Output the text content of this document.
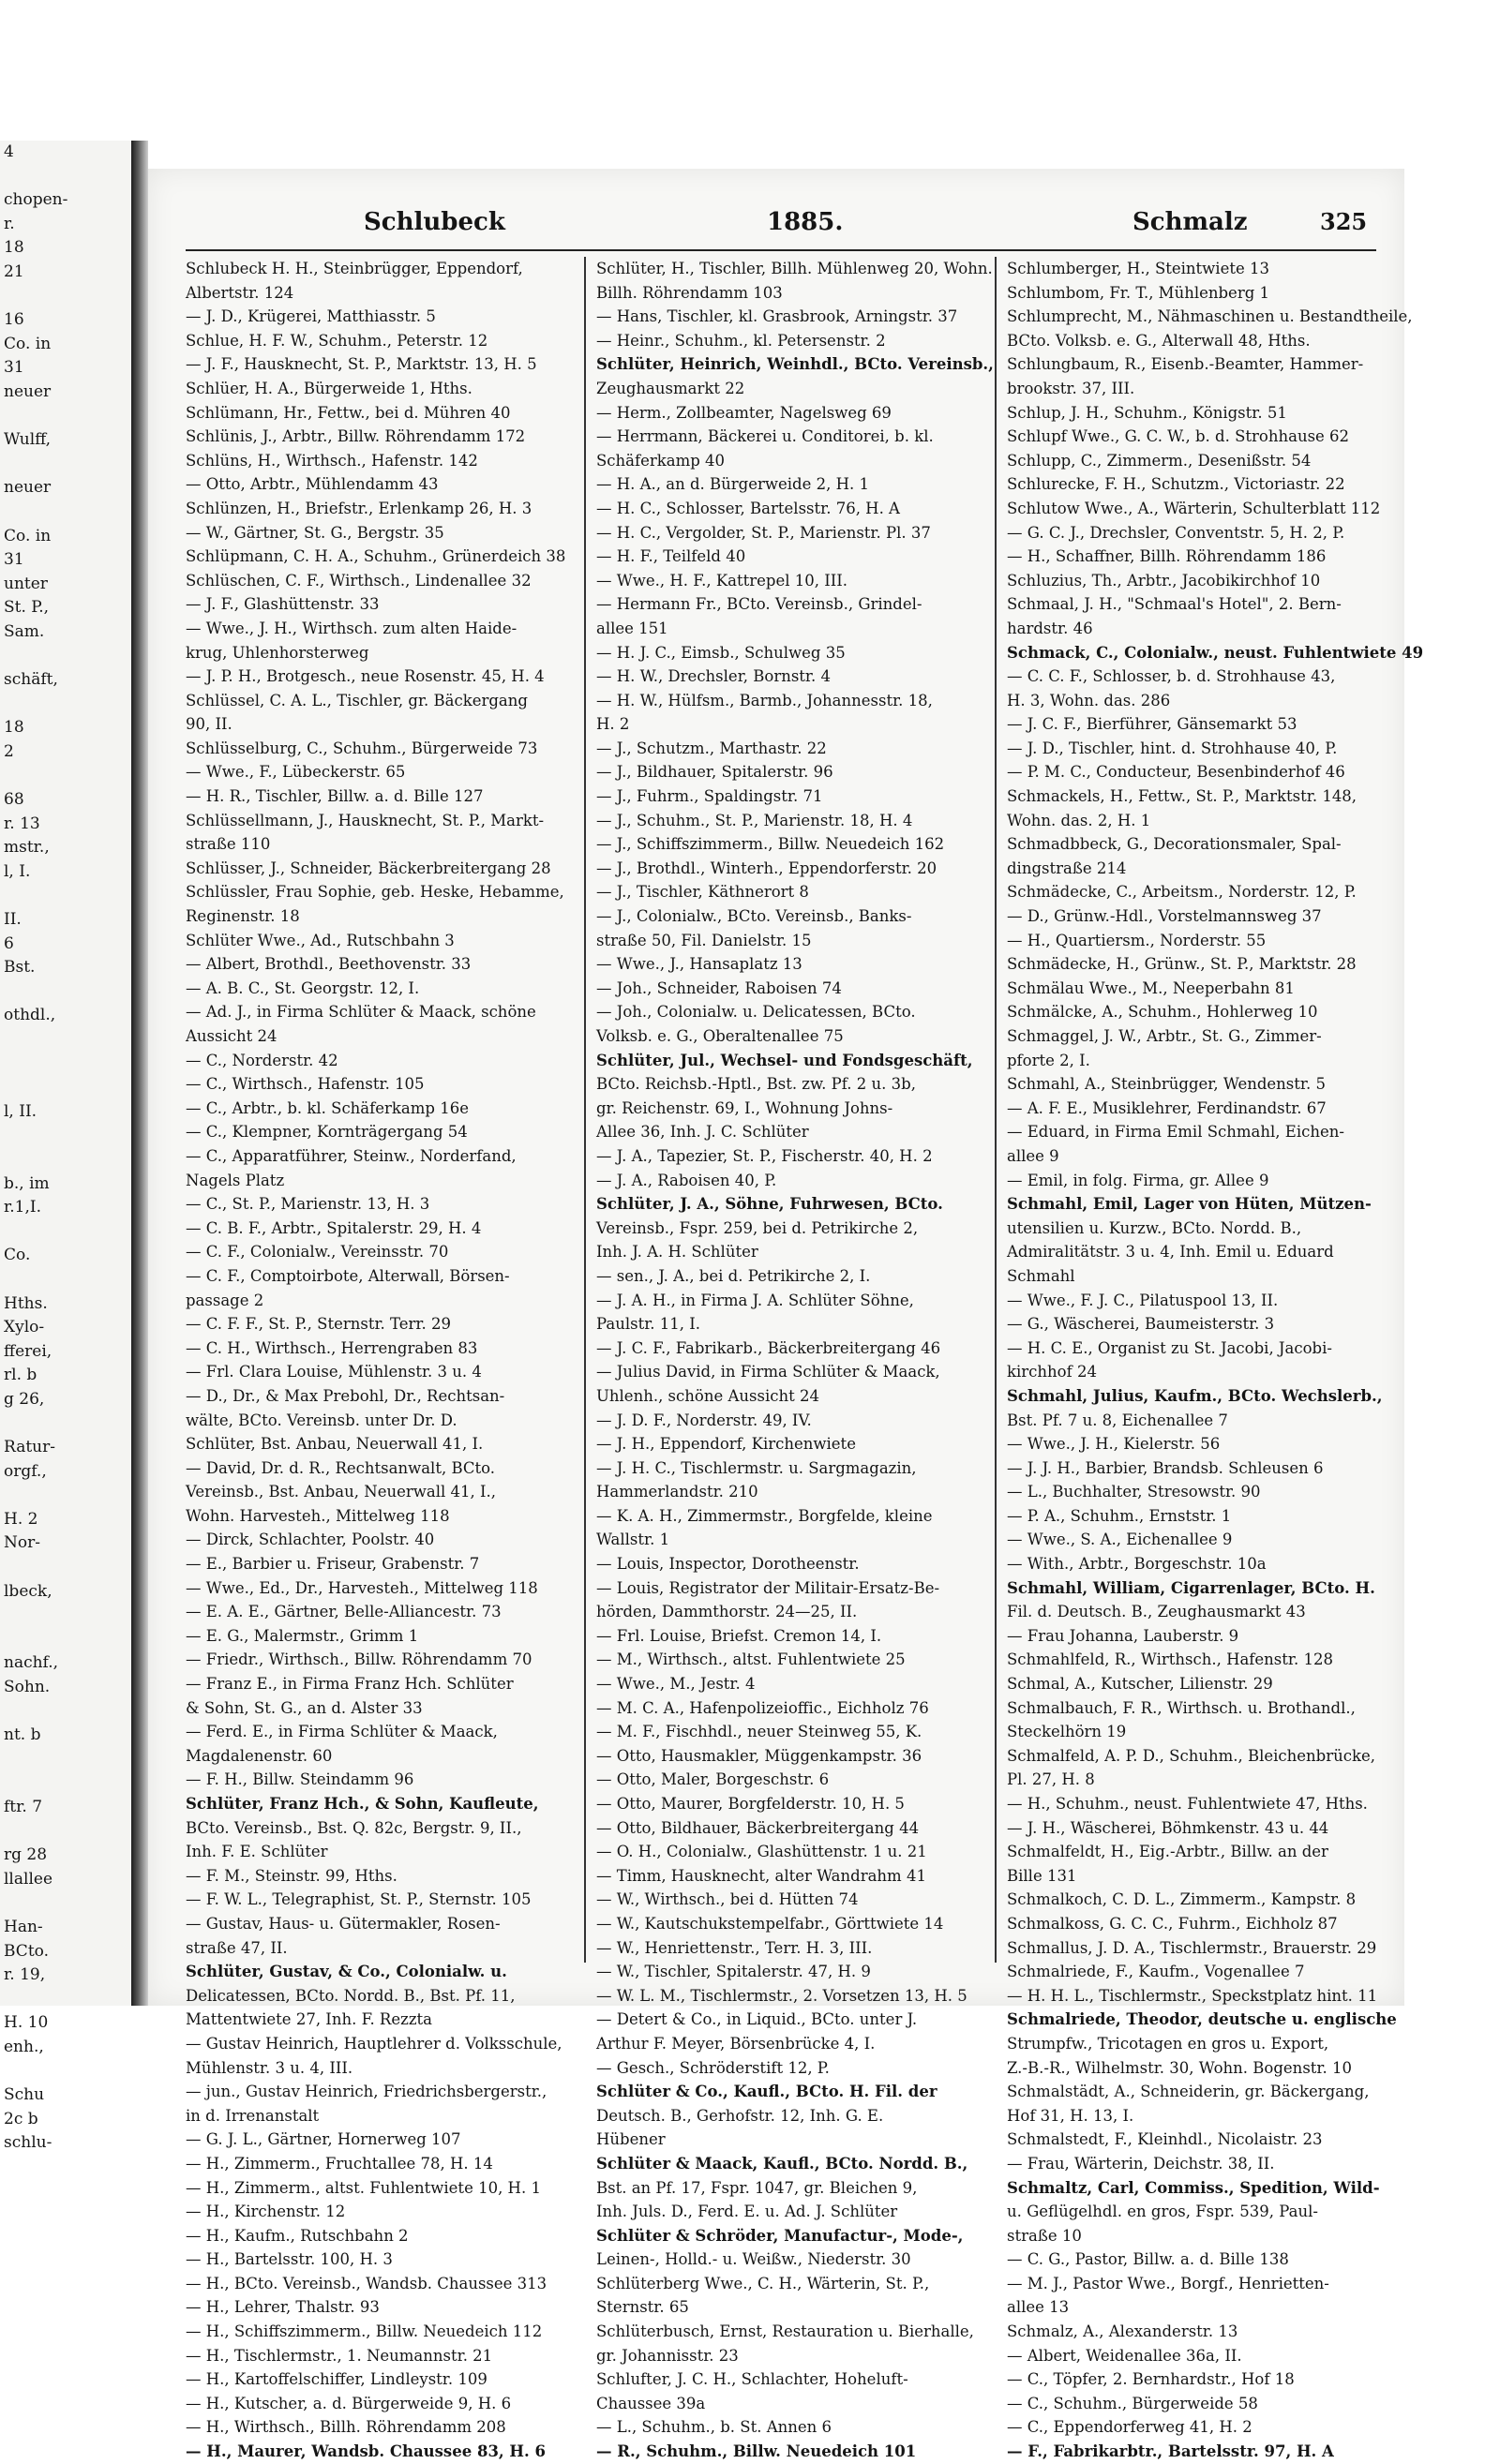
4

chopen-
r.
18
21

16
Co. in
31
neuer

Wulff,

neuer

Co. in
31
unter
St. P.,
Sam.

schäft,

18
2

68
r. 13
mstr.,
l, I.

II.
6
Bst.

othdl.,

l, II.

b., im
r.1,I.

Co.

Hths.
Xylo-
fferei,
rl. b
g 26,

Ratur-
orgf.,

H. 2
Nor-

lbeck,

nachf.,
Sohn.

nt. b

ftr. 7

rg 28
llallee

Han-
BCto.
r. 19,

H. 10
enh.,

Schu
2c b
schlu-
Schlubeck	1885.	Schmalz	325
Schlubeck H. H., Steinbrügger, Eppendorf,
Albertstr. 124
— J. D., Krügerei, Matthiasstr. 5
Schlue, H. F. W., Schuhm., Peterstr. 12
— J. F., Hausknecht, St. P., Marktstr. 13, H. 5
Schlüer, H. A., Bürgerweide 1, Hths.
Schlümann, Hr., Fettw., bei d. Mühren 40
Schlünis, J., Arbtr., Billw. Röhrendamm 172
Schlüns, H., Wirthsch., Hafenstr. 142
— Otto, Arbtr., Mühlendamm 43
Schlünzen, H., Briefstr., Erlenkamp 26, H. 3
— W., Gärtner, St. G., Bergstr. 35
Schlüpmann, C. H. A., Schuhm., Grünerdeich 38
Schlüschen, C. F., Wirthsch., Lindenallee 32
— J. F., Glashüttenstr. 33
— Wwe., J. H., Wirthsch. zum alten Haide-
krug, Uhlenhorsterweg
— J. P. H., Brotgesch., neue Rosenstr. 45, H. 4
Schlüssel, C. A. L., Tischler, gr. Bäckergang
90, II.
Schlüsselburg, C., Schuhm., Bürgerweide 73
— Wwe., F., Lübeckerstr. 65
— H. R., Tischler, Billw. a. d. Bille 127
Schlüssellmann, J., Hausknecht, St. P., Markt-
straße 110
Schlüsser, J., Schneider, Bäckerbreitergang 28
Schlüssler, Frau Sophie, geb. Heske, Hebamme,
Reginenstr. 18
Schlüter Wwe., Ad., Rutschbahn 3
— Albert, Brothdl., Beethovenstr. 33
— A. B. C., St. Georgstr. 12, I.
— Ad. J., in Firma Schlüter & Maack, schöne
Aussicht 24
— C., Norderstr. 42
— C., Wirthsch., Hafenstr. 105
— C., Arbtr., b. kl. Schäferkamp 16e
— C., Klempner, Kornträgergang 54
— C., Apparatführer, Steinw., Norderfand,
Nagels Platz
— C., St. P., Marienstr. 13, H. 3
— C. B. F., Arbtr., Spitalerstr. 29, H. 4
— C. F., Colonialw., Vereinsstr. 70
— C. F., Comptoirbote, Alterwall, Börsen-
passage 2
— C. F. F., St. P., Sternstr. Terr. 29
— C. H., Wirthsch., Herrengraben 83
— Frl. Clara Louise, Mühlenstr. 3 u. 4
— D., Dr., & Max Prebohl, Dr., Rechtsan-
wälte, BCto. Vereinsb. unter Dr. D.
Schlüter, Bst. Anbau, Neuerwall 41, I.
— David, Dr. d. R., Rechtsanwalt, BCto.
Vereinsb., Bst. Anbau, Neuerwall 41, I.,
Wohn. Harvesteh., Mittelweg 118
— Dirck, Schlachter, Poolstr. 40
— E., Barbier u. Friseur, Grabenstr. 7
— Wwe., Ed., Dr., Harvesteh., Mittelweg 118
— E. A. E., Gärtner, Belle-Alliancestr. 73
— E. G., Malermstr., Grimm 1
— Friedr., Wirthsch., Billw. Röhrendamm 70
— Franz E., in Firma Franz Hch. Schlüter
& Sohn, St. G., an d. Alster 33
— Ferd. E., in Firma Schlüter & Maack,
Magdalenenstr. 60
— F. H., Billw. Steindamm 96
Schlüter, Franz Hch., & Sohn, Kaufleute,
BCto. Vereinsb., Bst. Q. 82c, Bergstr. 9, II.,
Inh. F. E. Schlüter
— F. M., Steinstr. 99, Hths.
— F. W. L., Telegraphist, St. P., Sternstr. 105
— Gustav, Haus- u. Gütermakler, Rosen-
straße 47, II.
Schlüter, Gustav, & Co., Colonialw. u.
Delicatessen, BCto. Nordd. B., Bst. Pf. 11,
Mattentwiete 27, Inh. F. Rezzta
— Gustav Heinrich, Hauptlehrer d. Volksschule,
Mühlenstr. 3 u. 4, III.
— jun., Gustav Heinrich, Friedrichsbergerstr.,
in d. Irrenanstalt
— G. J. L., Gärtner, Hornerweg 107
— H., Zimmerm., Fruchtallee 78, H. 14
— H., Zimmerm., altst. Fuhlentwiete 10, H. 1
— H., Kirchenstr. 12
— H., Kaufm., Rutschbahn 2
— H., Bartelsstr. 100, H. 3
— H., BCto. Vereinsb., Wandsb. Chaussee 313
— H., Lehrer, Thalstr. 93
— H., Schiffszimmerm., Billw. Neuedeich 112
— H., Tischlermstr., 1. Neumannstr. 21
— H., Kartoffelschiffer, Lindleystr. 109
— H., Kutscher, a. d. Bürgerweide 9, H. 6
— H., Wirthsch., Billh. Röhrendamm 208
— H., Maurer, Wandsb. Chaussee 83, H. 6
Schlüter, H., Tischler, Billh. Mühlenweg 20, Wohn.
Billh. Röhrendamm 103
— Hans, Tischler, kl. Grasbrook, Arningstr. 37
— Heinr., Schuhm., kl. Petersenstr. 2
Schlüter, Heinrich, Weinhdl., BCto. Vereinsb.,
Zeughausmarkt 22
— Herm., Zollbeamter, Nagelsweg 69
— Herrmann, Bäckerei u. Conditorei, b. kl.
Schäferkamp 40
— H. A., an d. Bürgerweide 2, H. 1
— H. C., Schlosser, Bartelsstr. 76, H. A
— H. C., Vergolder, St. P., Marienstr. Pl. 37
— H. F., Teilfeld 40
— Wwe., H. F., Kattrepel 10, III.
— Hermann Fr., BCto. Vereinsb., Grindel-
allee 151
— H. J. C., Eimsb., Schulweg 35
— H. W., Drechsler, Bornstr. 4
— H. W., Hülfsm., Barmb., Johannesstr. 18,
H. 2
— J., Schutzm., Marthastr. 22
— J., Bildhauer, Spitalerstr. 96
— J., Fuhrm., Spaldingstr. 71
— J., Schuhm., St. P., Marienstr. 18, H. 4
— J., Schiffszimmerm., Billw. Neuedeich 162
— J., Brothdl., Winterh., Eppendorferstr. 20
— J., Tischler, Käthnerort 8
— J., Colonialw., BCto. Vereinsb., Banks-
straße 50, Fil. Danielstr. 15
— Wwe., J., Hansaplatz 13
— Joh., Schneider, Raboisen 74
— Joh., Colonialw. u. Delicatessen, BCto.
Volksb. e. G., Oberaltenallee 75
Schlüter, Jul., Wechsel- und Fondsgeschäft,
BCto. Reichsb.-Hptl., Bst. zw. Pf. 2 u. 3b,
gr. Reichenstr. 69, I., Wohnung Johns-
Allee 36, Inh. J. C. Schlüter
— J. A., Tapezier, St. P., Fischerstr. 40, H. 2
— J. A., Raboisen 40, P.
Schlüter, J. A., Söhne, Fuhrwesen, BCto.
Vereinsb., Fspr. 259, bei d. Petrikirche 2,
Inh. J. A. H. Schlüter
— sen., J. A., bei d. Petrikirche 2, I.
— J. A. H., in Firma J. A. Schlüter Söhne,
Paulstr. 11, I.
— J. C. F., Fabrikarb., Bäckerbreitergang 46
— Julius David, in Firma Schlüter & Maack,
Uhlenh., schöne Aussicht 24
— J. D. F., Norderstr. 49, IV.
— J. H., Eppendorf, Kirchenwiete
— J. H. C., Tischlermstr. u. Sargmagazin,
Hammerlandstr. 210
— K. A. H., Zimmermstr., Borgfelde, kleine
Wallstr. 1
— Louis, Inspector, Dorotheenstr.
— Louis, Registrator der Militair-Ersatz-Be-
hörden, Dammthorstr. 24—25, II.
— Frl. Louise, Briefst. Cremon 14, I.
— M., Wirthsch., altst. Fuhlentwiete 25
— Wwe., M., Jestr. 4
— M. C. A., Hafenpolizeioffic., Eichholz 76
— M. F., Fischhdl., neuer Steinweg 55, K.
— Otto, Hausmakler, Müggenkampstr. 36
— Otto, Maler, Borgeschstr. 6
— Otto, Maurer, Borgfelderstr. 10, H. 5
— Otto, Bildhauer, Bäckerbreitergang 44
— O. H., Colonialw., Glashüttenstr. 1 u. 21
— Timm, Hausknecht, alter Wandrahm 41
— W., Wirthsch., bei d. Hütten 74
— W., Kautschukstempelfabr., Görttwiete 14
— W., Henriettenstr., Terr. H. 3, III.
— W., Tischler, Spitalerstr. 47, H. 9
— W. L. M., Tischlermstr., 2. Vorsetzen 13, H. 5
— Detert & Co., in Liquid., BCto. unter J.
Arthur F. Meyer, Börsenbrücke 4, I.
— Gesch., Schröderstift 12, P.
Schlüter & Co., Kaufl., BCto. H. Fil. der
Deutsch. B., Gerhofstr. 12, Inh. G. E.
Hübener
Schlüter & Maack, Kaufl., BCto. Nordd. B.,
Bst. an Pf. 17, Fspr. 1047, gr. Bleichen 9,
Inh. Juls. D., Ferd. E. u. Ad. J. Schlüter
Schlüter & Schröder, Manufactur-, Mode-,
Leinen-, Holld.- u. Weißw., Niederstr. 30
Schlüterberg Wwe., C. H., Wärterin, St. P.,
Sternstr. 65
Schlüterbusch, Ernst, Restauration u. Bierhalle,
gr. Johannisstr. 23
Schlufter, J. C. H., Schlachter, Hoheluft-
Chaussee 39a
— L., Schuhm., b. St. Annen 6
— R., Schuhm., Billw. Neuedeich 101
Schlumberger, H., Steintwiete 13
Schlumbom, Fr. T., Mühlenberg 1
Schlumprecht, M., Nähmaschinen u. Bestandtheile,
BCto. Volksb. e. G., Alterwall 48, Hths.
Schlungbaum, R., Eisenb.-Beamter, Hammer-
brookstr. 37, III.
Schlup, J. H., Schuhm., Königstr. 51
Schlupf Wwe., G. C. W., b. d. Strohhause 62
Schlupp, C., Zimmerm., Desenißstr. 54
Schlurecke, F. H., Schutzm., Victoriastr. 22
Schlutow Wwe., A., Wärterin, Schulterblatt 112
— G. C. J., Drechsler, Conventstr. 5, H. 2, P.
— H., Schaffner, Billh. Röhrendamm 186
Schluzius, Th., Arbtr., Jacobikirchhof 10
Schmaal, J. H., "Schmaal's Hotel", 2. Bern-
hardstr. 46
Schmack, C., Colonialw., neust. Fuhlentwiete 49
— C. C. F., Schlosser, b. d. Strohhause 43,
H. 3, Wohn. das. 286
— J. C. F., Bierführer, Gänsemarkt 53
— J. D., Tischler, hint. d. Strohhause 40, P.
— P. M. C., Conducteur, Besenbinderhof 46
Schmackels, H., Fettw., St. P., Marktstr. 148,
Wohn. das. 2, H. 1
Schmadbbeck, G., Decorationsmaler, Spal-
dingstraße 214
Schmädecke, C., Arbeitsm., Norderstr. 12, P.
— D., Grünw.-Hdl., Vorstelmannsweg 37
— H., Quartiersm., Norderstr. 55
Schmädecke, H., Grünw., St. P., Marktstr. 28
Schmälau Wwe., M., Neeperbahn 81
Schmälcke, A., Schuhm., Hohlerweg 10
Schmaggel, J. W., Arbtr., St. G., Zimmer-
pforte 2, I.
Schmahl, A., Steinbrügger, Wendenstr. 5
— A. F. E., Musiklehrer, Ferdinandstr. 67
— Eduard, in Firma Emil Schmahl, Eichen-
allee 9
— Emil, in folg. Firma, gr. Allee 9
Schmahl, Emil, Lager von Hüten, Mützen-
utensilien u. Kurzw., BCto. Nordd. B.,
Admiralitätstr. 3 u. 4, Inh. Emil u. Eduard
Schmahl
— Wwe., F. J. C., Pilatuspool 13, II.
— G., Wäscherei, Baumeisterstr. 3
— H. C. E., Organist zu St. Jacobi, Jacobi-
kirchhof 24
Schmahl, Julius, Kaufm., BCto. Wechslerb.,
Bst. Pf. 7 u. 8, Eichenallee 7
— Wwe., J. H., Kielerstr. 56
— J. J. H., Barbier, Brandsb. Schleusen 6
— L., Buchhalter, Stresowstr. 90
— P. A., Schuhm., Ernststr. 1
— Wwe., S. A., Eichenallee 9
— With., Arbtr., Borgeschstr. 10a
Schmahl, William, Cigarrenlager, BCto. H.
Fil. d. Deutsch. B., Zeughausmarkt 43
— Frau Johanna, Lauberstr. 9
Schmahlfeld, R., Wirthsch., Hafenstr. 128
Schmal, A., Kutscher, Lilienstr. 29
Schmalbauch, F. R., Wirthsch. u. Brothandl.,
Steckelhörn 19
Schmalfeld, A. P. D., Schuhm., Bleichenbrücke,
Pl. 27, H. 8
— H., Schuhm., neust. Fuhlentwiete 47, Hths.
— J. H., Wäscherei, Böhmkenstr. 43 u. 44
Schmalfeldt, H., Eig.-Arbtr., Billw. an der
Bille 131
Schmalkoch, C. D. L., Zimmerm., Kampstr. 8
Schmalkoss, G. C. C., Fuhrm., Eichholz 87
Schmallus, J. D. A., Tischlermstr., Brauerstr. 29
Schmalriede, F., Kaufm., Vogenallee 7
— H. H. L., Tischlermstr., Speckstplatz hint. 11
Schmalriede, Theodor, deutsche u. englische
Strumpfw., Tricotagen en gros u. Export,
Z.-B.-R., Wilhelmstr. 30, Wohn. Bogenstr. 10
Schmalstädt, A., Schneiderin, gr. Bäckergang,
Hof 31, H. 13, I.
Schmalstedt, F., Kleinhdl., Nicolaistr. 23
— Frau, Wärterin, Deichstr. 38, II.
Schmaltz, Carl, Commiss., Spedition, Wild-
u. Geflügelhdl. en gros, Fspr. 539, Paul-
straße 10
— C. G., Pastor, Billw. a. d. Bille 138
— M. J., Pastor Wwe., Borgf., Henrietten-
allee 13
Schmalz, A., Alexanderstr. 13
— Albert, Weidenallee 36a, II.
— C., Töpfer, 2. Bernhardstr., Hof 18
— C., Schuhm., Bürgerweide 58
— C., Eppendorferweg 41, H. 2
— F., Fabrikarbtr., Bartelsstr. 97, H. A
